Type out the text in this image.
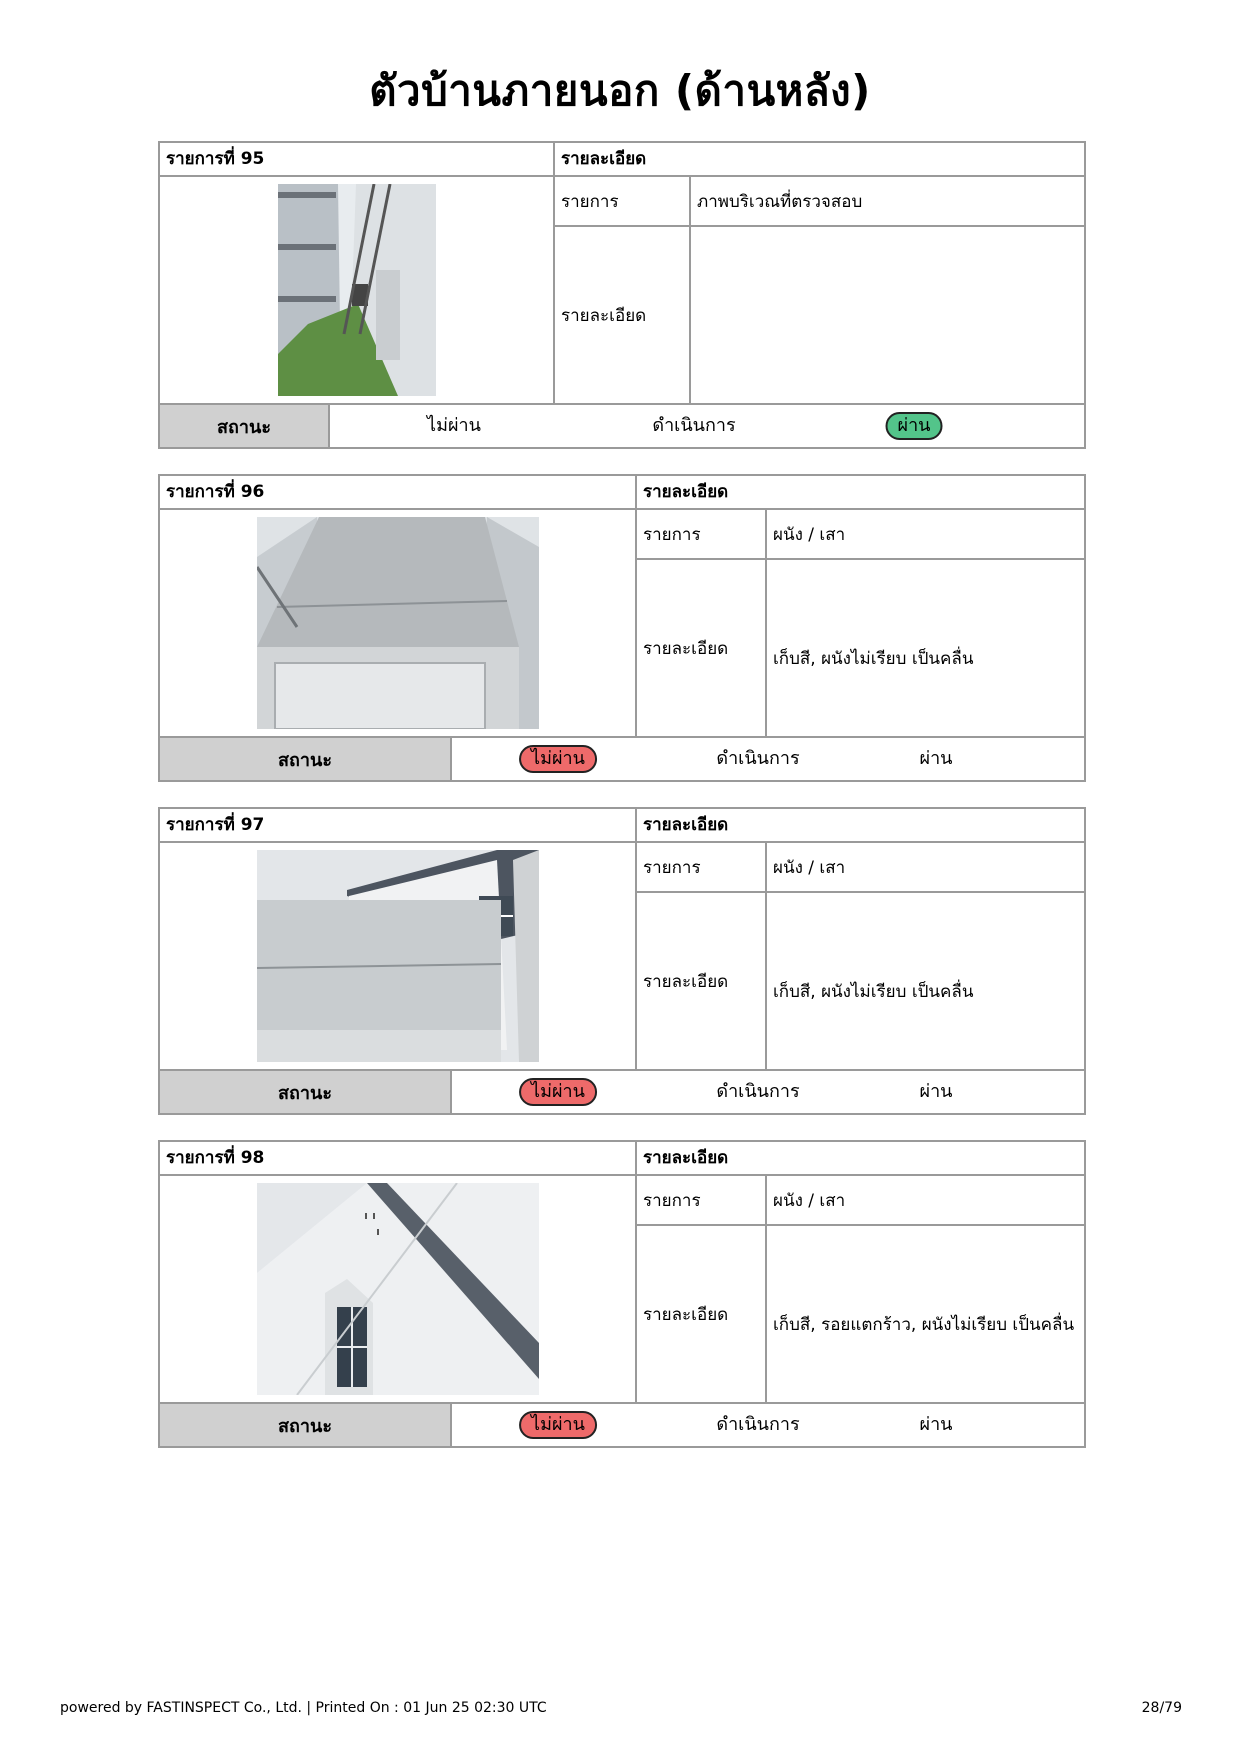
ตัวบ้านภายนอก (ด้านหลัง)
รายการที่ 95	รายละเอียด
รายการ	ภาพบริเวณที่ตรวจสอบ
รายละเอียด
สถานะ	ไม่ผ่าน	ดำเนินการ	ผ่าน
รายการที่ 96	รายละเอียด
รายการ	ผนัง / เสา
รายละเอียด	เก็บสี, ผนังไม่เรียบ เป็นคลื่น
สถานะ	ไม่ผ่าน	ดำเนินการ	ผ่าน
รายการที่ 97	รายละเอียด
รายการ	ผนัง / เสา
รายละเอียด	เก็บสี, ผนังไม่เรียบ เป็นคลื่น
สถานะ	ไม่ผ่าน	ดำเนินการ	ผ่าน
รายการที่ 98	รายละเอียด
รายการ	ผนัง / เสา
รายละเอียด	เก็บสี, รอยแตกร้าว, ผนังไม่เรียบ เป็นคลื่น
สถานะ	ไม่ผ่าน	ดำเนินการ	ผ่าน
powered by FASTINSPECT Co., Ltd. | Printed On : 01 Jun 25 02:30 UTC	28/79
